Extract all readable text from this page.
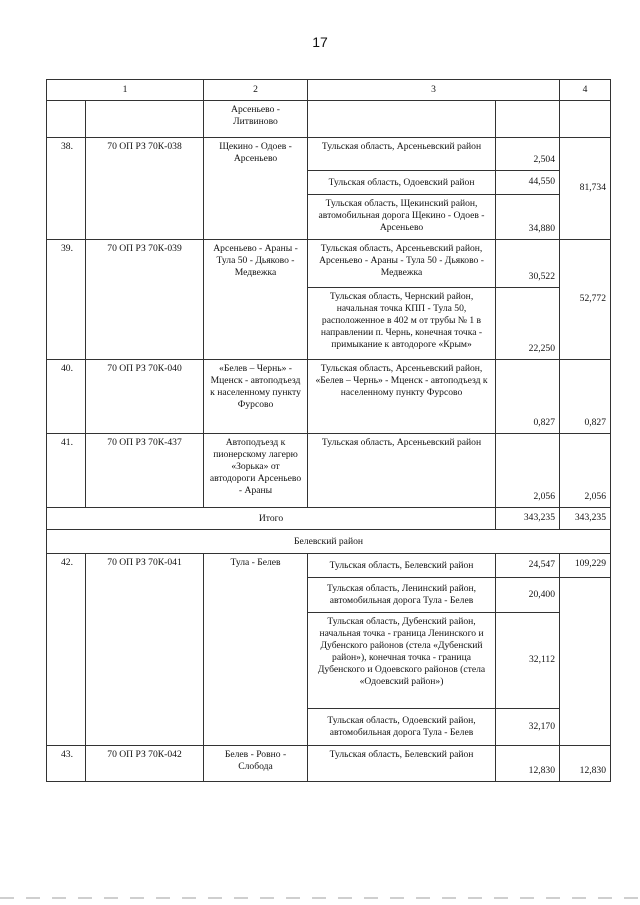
17
1		2	3		4
		Арсеньево - Литвиново			
38.	70 ОП РЗ 70К-038	Щекино - Одоев - Арсеньево	Тульская область, Арсеньевский район	2,504	81,734
			Тульская область, Одоевский район	44,550	
			Тульская область, Щекинский район, автомобильная дорога Щекино - Одоев - Арсеньево	34,880	
39.	70 ОП РЗ 70К-039	Арсеньево - Араны - Тула 50 - Дьяково - Медвежка	Тульская область, Арсеньевский район, Арсеньево - Араны - Тула 50 - Дьяково - Медвежка	30,522	52,772
			Тульская область, Чернский район, начальная точка КПП - Тула 50, расположенное в 402 м от трубы № 1 в направлении п. Чернь, конечная точка - примыкание к автодороге «Крым»	22,250	
40.	70 ОП РЗ 70К-040	«Белев – Чернь» - Мценск - автоподъезд к населенному пункту Фурсово	Тульская область, Арсеньевский район, «Белев – Чернь» - Мценск - автоподъезд к населенному пункту Фурсово	0,827	0,827
41.	70 ОП РЗ 70К-437	Автоподъезд к пионерскому лагерю «Зорька» от автодороги Арсеньево - Араны	Тульская область, Арсеньевский район	2,056	2,056
Итого				343,235	343,235
Белевский район					
42.	70 ОП РЗ 70К-041	Тула - Белев	Тульская область, Белевский район	24,547	109,229
			Тульская область, Ленинский район, автомобильная дорога Тула - Белев	20,400	
			Тульская область, Дубенский район, начальная точка - граница Ленинского и Дубенского районов (стела «Дубенский район»), конечная точка - граница Дубенского и Одоевского районов (стела «Одоевский район»)	32,112	
			Тульская область, Одоевский район, автомобильная дорога Тула - Белев	32,170	
43.	70 ОП РЗ 70К-042	Белев - Ровно - Слобода	Тульская область, Белевский район	12,830	12,830
